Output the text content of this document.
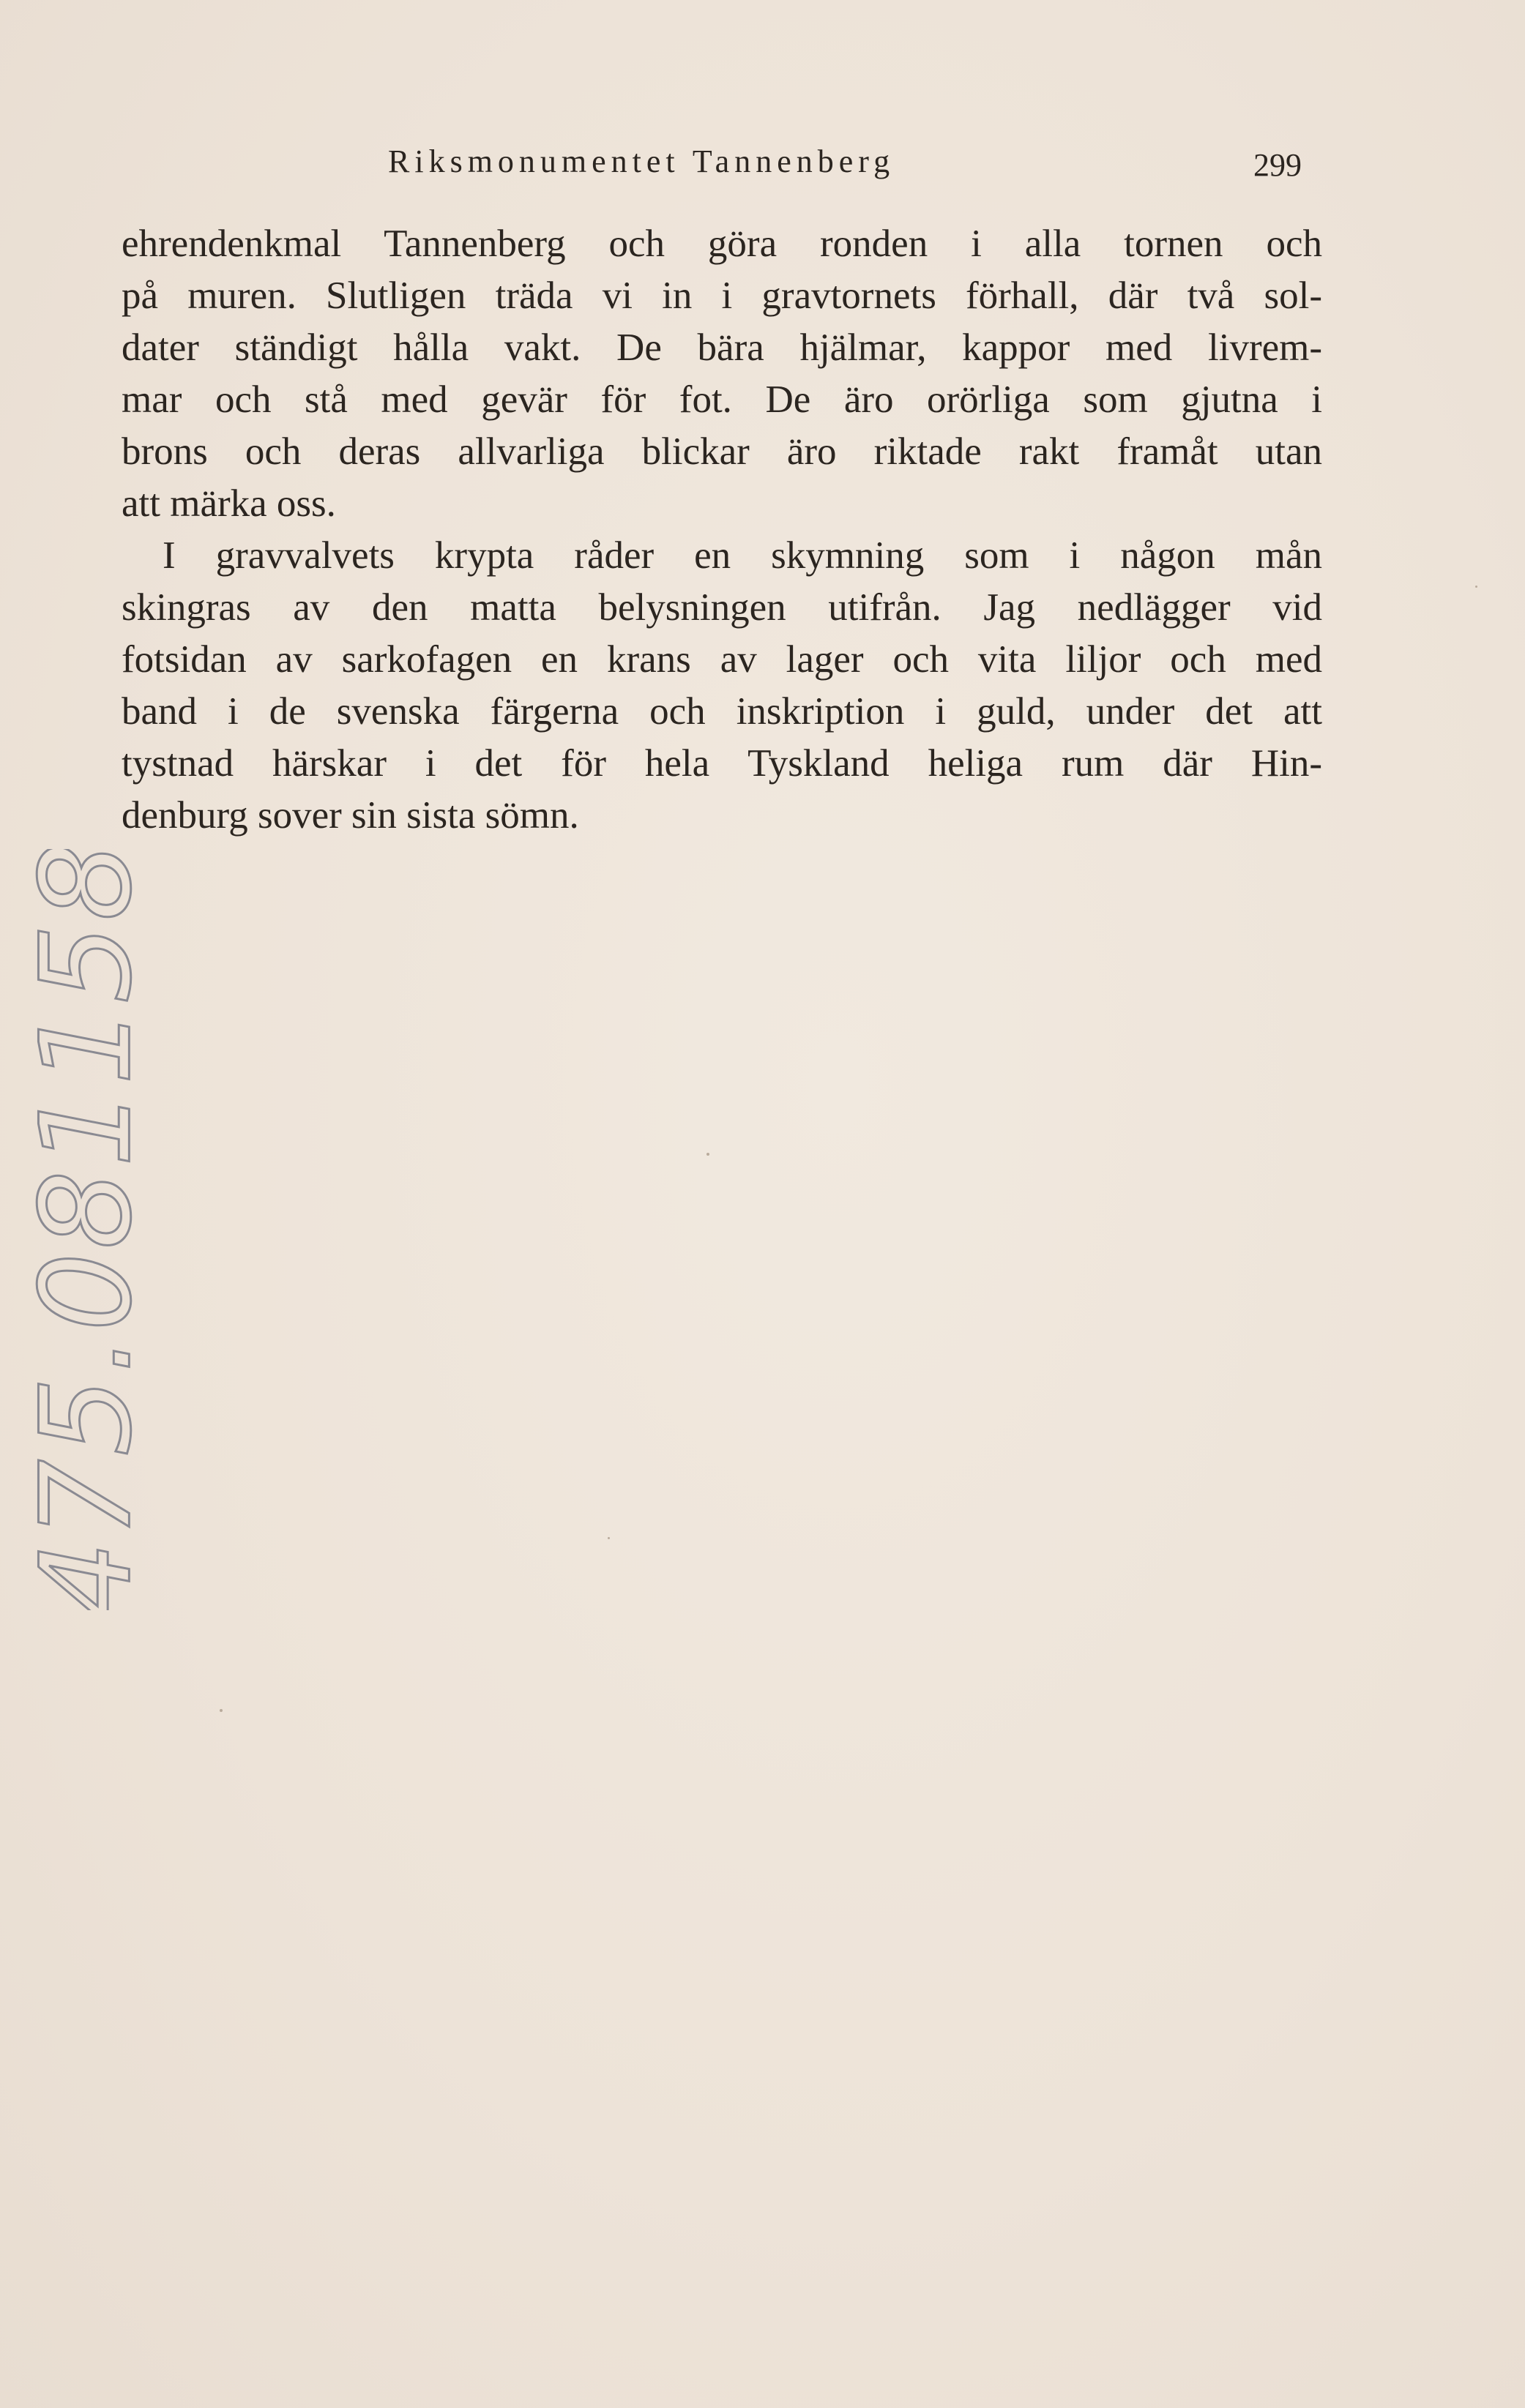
Riksmonumentet Tannenberg	299
ehrendenkmal Tannenberg och göra ronden i alla tornen och
på muren. Slutligen träda vi in i gravtornets förhall, där två sol-
dater ständigt hålla vakt. De bära hjälmar, kappor med livrem-
mar och stå med gevär för fot. De äro orörliga som gjutna i
brons och deras allvarliga blickar äro riktade rakt framåt utan
att märka oss.
I gravvalvets krypta råder en skymning som i någon mån
skingras av den matta belysningen utifrån. Jag nedlägger vid
fotsidan av sarkofagen en krans av lager och vita liljor och med
band i de svenska färgerna och inskription i guld, under det att
tystnad härskar i det för hela Tyskland heliga rum där Hin-
denburg sover sin sista sömn.
9475.0811588
